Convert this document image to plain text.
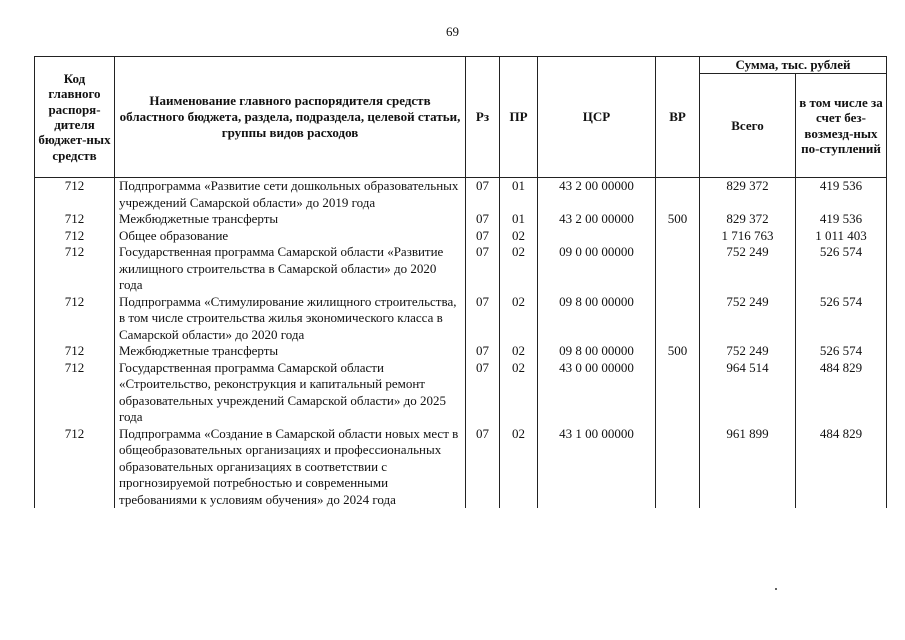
69
Код главного распоря-дителя бюджет-ных средств	Наименование главного распорядителя средств областного бюджета, раздела, подраздела, целевой статьи, группы видов расходов	Рз	ПР	ЦСР	ВР	Сумма, тыс. рублей	
						Всего	в том числе за счет без-возмезд-ных по-ступлений
712	Подпрограмма «Развитие сети дошкольных образовательных учреждений Самарской области» до 2019 года	07	01	43 2 00 00000		829 372	419 536
712	Межбюджетные трансферты	07	01	43 2 00 00000	500	829 372	419 536
712	Общее образование	07	02			1 716 763	1 011 403
712	Государственная программа Самарской области «Развитие жилищного строительства в Самарской области» до 2020 года	07	02	09 0 00 00000		752 249	526 574
712	Подпрограмма «Стимулирование жилищного строительства, в том числе строительства жилья экономического класса в Самарской области» до 2020 года	07	02	09 8 00 00000		752 249	526 574
712	Межбюджетные трансферты	07	02	09 8 00 00000	500	752 249	526 574
712	Государственная программа Самарской области «Строительство, реконструкция и капитальный ремонт образовательных учреждений Самарской области» до 2025 года	07	02	43 0 00 00000		964 514	484 829
712	Подпрограмма «Создание в Самарской области новых мест в общеобразовательных организациях и профессиональных образовательных организациях в соответствии с прогнозируемой потребностью и современными требованиями к условиям обучения» до 2024 года	07	02	43 1 00 00000		961 899	484 829
